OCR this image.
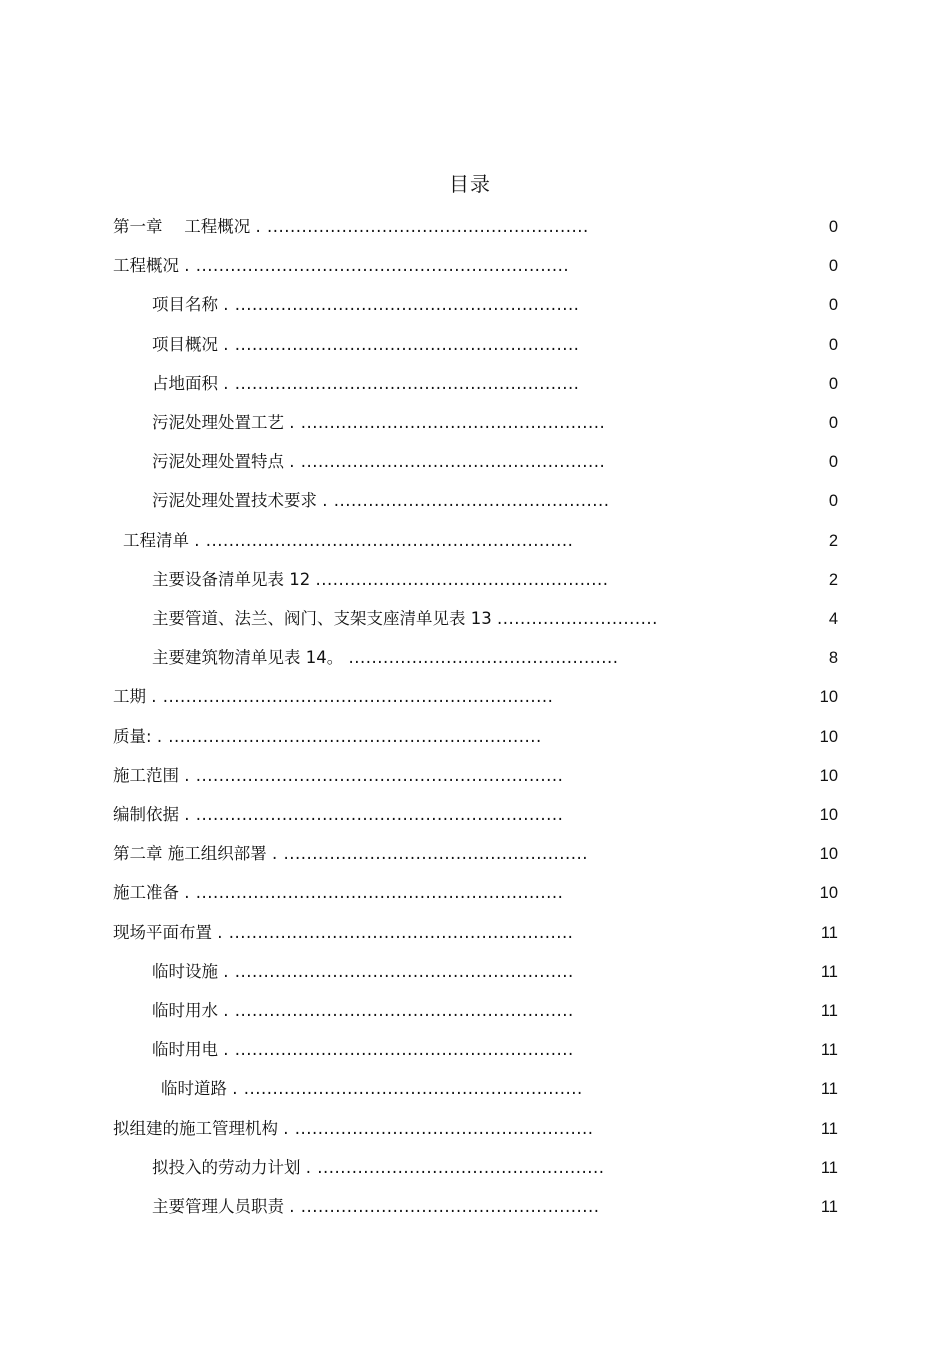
目录
第一章　 工程概况 . ........................................................	0
工程概况 . .................................................................	0
项目名称 . ............................................................	0
项目概况 . ............................................................	0
占地面积 . ............................................................	0
污泥处理处置工艺 . .....................................................	0
污泥处理处置特点 . .....................................................	0
污泥处理处置技术要求 . ................................................	0
工程清单 . ................................................................	2
主要设备清单见表 12 ...................................................	2
主要管道、法兰、阀门、支架支座清单见表 13 ............................	4
主要建筑物清单见表 14。 ...............................................	8
工期 . ....................................................................	10
质量: . .................................................................	10
施工范围 . ................................................................	10
编制依据 . ................................................................	10
第二章 施工组织部署 . .....................................................	10
施工准备 . ................................................................	10
现场平面布置 . ............................................................	11
临时设施 . ...........................................................	11
临时用水 . ...........................................................	11
临时用电 . ...........................................................	11
临时道路 . ...........................................................	11
拟组建的施工管理机构 . ....................................................	11
拟投入的劳动力计划 . ..................................................	11
主要管理人员职责 . ....................................................	11
